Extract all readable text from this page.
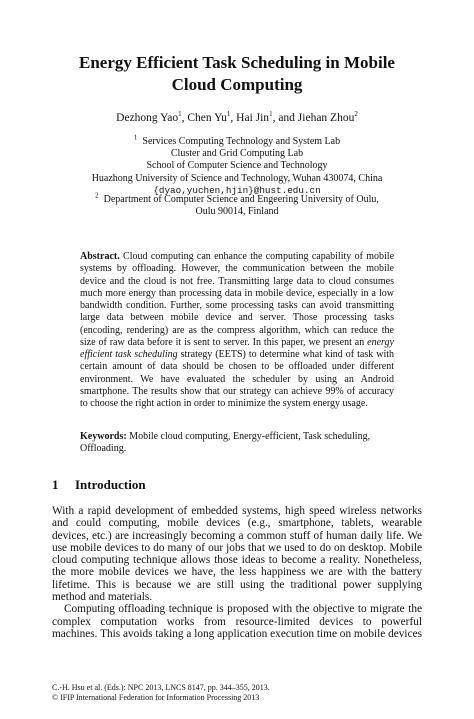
Energy Efficient Task Scheduling in Mobile
Cloud Computing
Dezhong Yao$^1$, Chen Yu$^1$, Hai Jin$^1$, and Jiehan Zhou$^2$
$^1$ Services Computing Technology and System Lab
Cluster and Grid Computing Lab
School of Computer Science and Technology
Huazhong University of Science and Technology, Wuhan 430074, China
{dyao,yuchen,hjin}@hust.edu.cn
$^2$ Department of Computer Science and Engeering University of Oulu,
Oulu 90014, Finland
Abstract. Cloud computing can enhance the computing capability of mobile systems by offloading. However, the communication between the mobile device and the cloud is not free. Transmitting large data to cloud consumes much more energy than processing data in mobile device, especially in a low bandwidth condition. Further, some processing tasks can avoid transmitting large data between mobile device and server. Those processing tasks (encoding, rendering) are as the compress algorithm, which can reduce the size of raw data before it is sent to server. In this paper, we present an energy efficient task scheduling strategy (EETS) to determine what kind of task with certain amount of data should be chosen to be offloaded under different environment. We have evaluated the scheduler by using an Android smartphone. The results show that our strategy can achieve 99% of accuracy to choose the right action in order to minimize the system energy usage.
Keywords: Mobile cloud computing, Energy-efficient, Task scheduling, Offloading.
1 Introduction

With a rapid development of embedded systems, high speed wireless networks and could computing, mobile devices (e.g., smartphone, tablets, wearable devices, etc.) are increasingly becoming a common stuff of human daily life. We use mobile devices to do many of our jobs that we used to do on desktop. Mobile cloud computing technique allows those ideas to become a reality. Nonetheless, the more mobile devices we have, the less happiness we are with the battery lifetime. This is because we are still using the traditional power supplying method and materials.

Computing offloading technique is proposed with the objective to migrate the complex computation works from resource-limited devices to powerful machines. This avoids taking a long application execution time on mobile devices

C.-H. Hsu et al. (Eds.): NPC 2013, LNCS 8147, pp. 344–355, 2013.
© IFIP International Federation for Information Processing 2013
